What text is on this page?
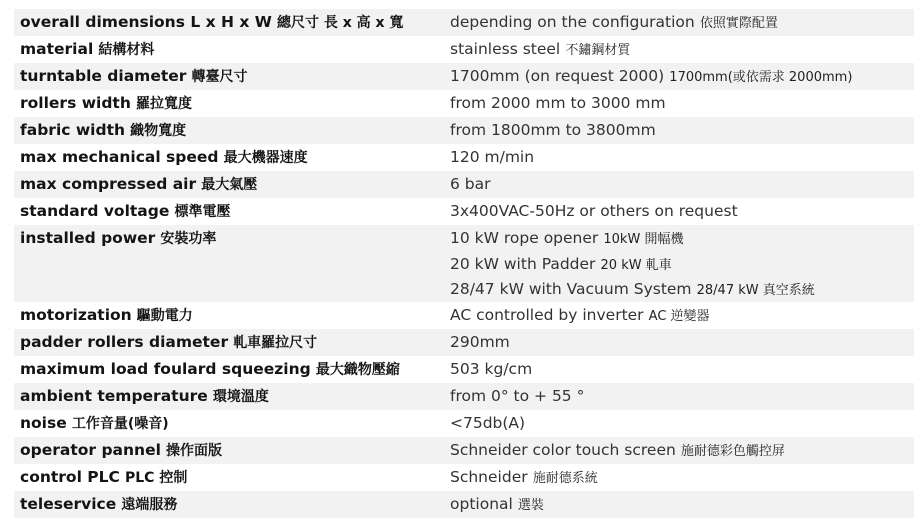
overall dimensions L x H x W 總尺寸 長 x 高 x 寬	depending on the configuration 依照實際配置

material 結構材料	stainless steel 不鏽鋼材質

turntable diameter 轉臺尺寸	1700mm (on request 2000) 1700mm(或依需求 2000mm)

rollers width 羅拉寬度	from 2000 mm to 3000 mm

fabric width 織物寬度	from 1800mm to 3800mm

max mechanical speed 最大機器速度	120 m/min

max compressed air 最大氣壓	6 bar

standard voltage 標準電壓	3x400VAC-50Hz or others on request

installed power 安裝功率	10 kW rope opener 10kW 開幅機
20 kW with Padder 20 kW 軋車
28/47 kW with Vacuum System 28/47 kW 真空系統

motorization 驅動電力	AC controlled by inverter AC 逆變器

padder rollers diameter 軋車羅拉尺寸	290mm

maximum load foulard squeezing 最大織物壓縮	503 kg/cm

ambient temperature 環境溫度	from 0° to + 55 °

noise 工作音量(噪音)	<75db(A)

operator pannel 操作面版	Schneider color touch screen 施耐德彩色觸控屏

control PLC PLC 控制	Schneider 施耐德系統

teleservice 遠端服務	optional 選裝
